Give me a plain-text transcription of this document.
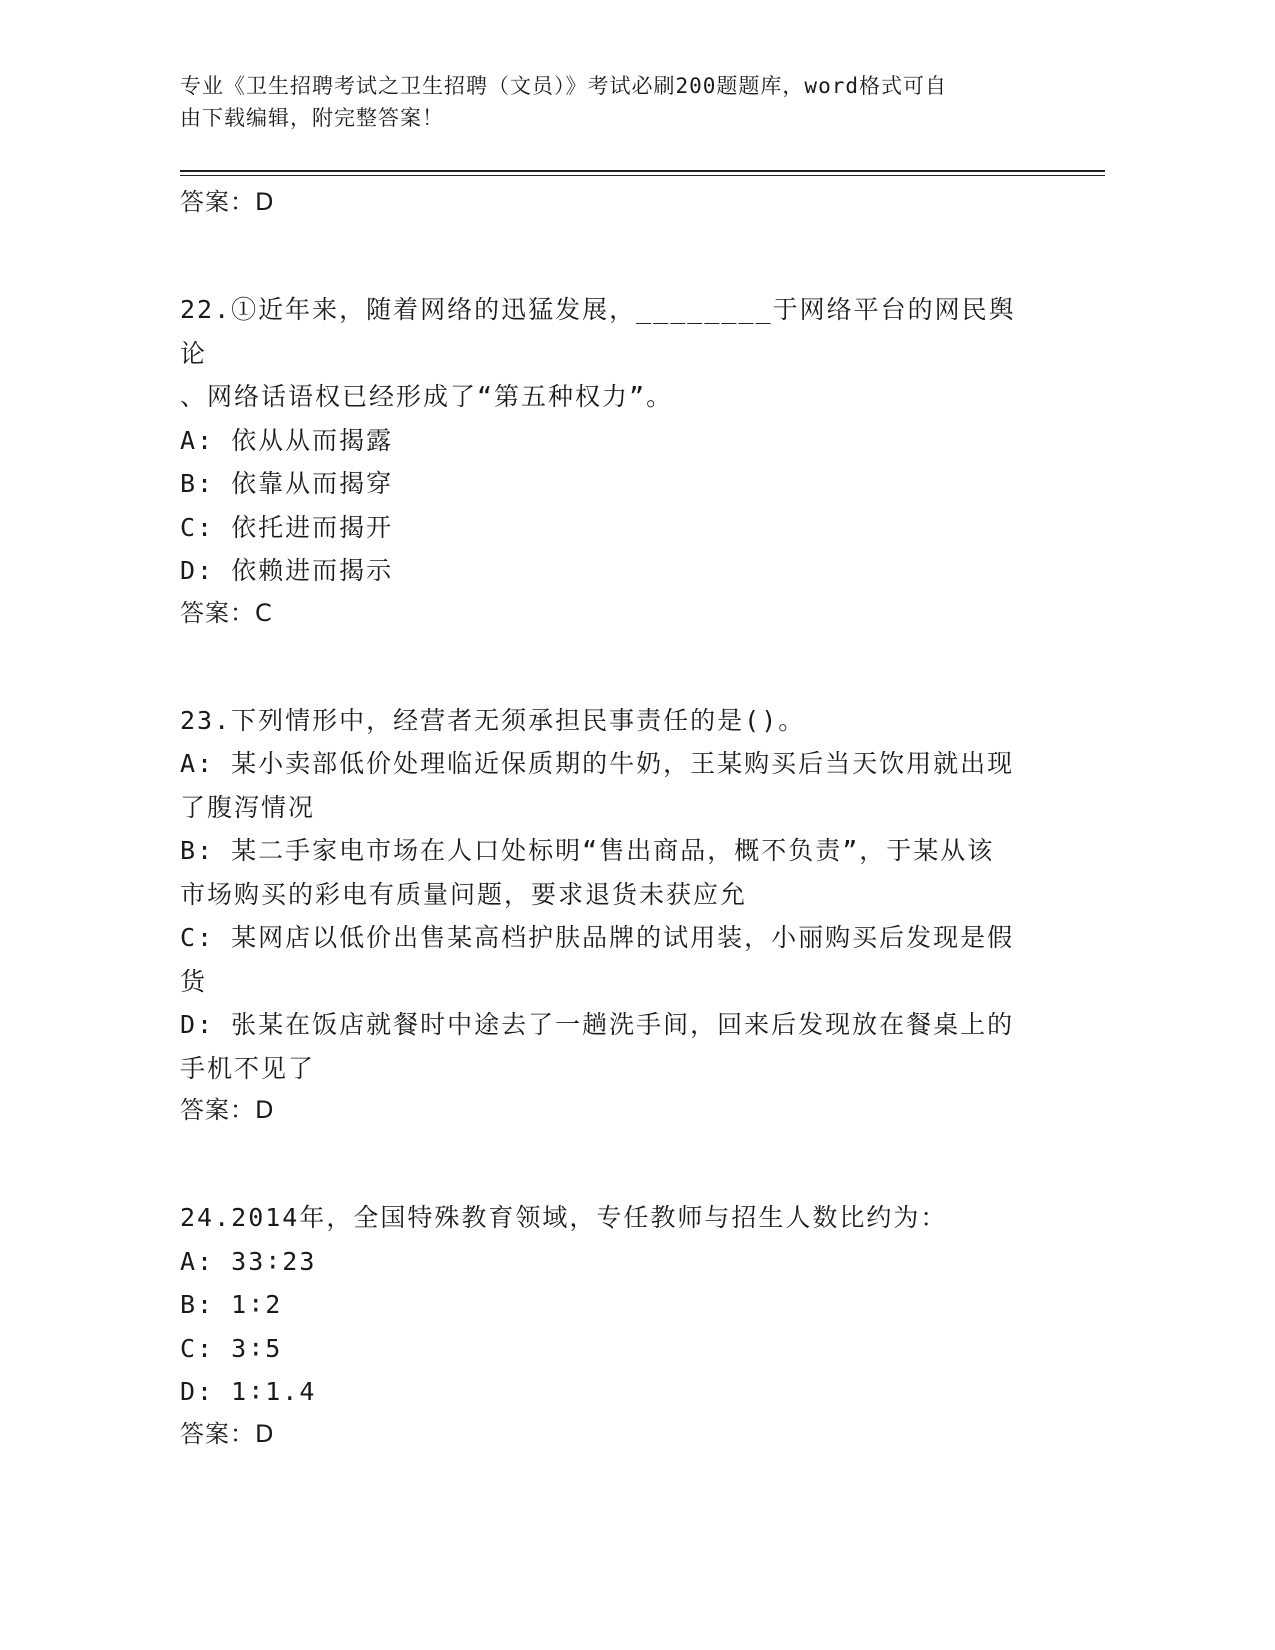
专业《卫生招聘考试之卫生招聘（文员）》考试必刷200题题库，word格式可自
由下载编辑，附完整答案！
答案：D
22.①近年来，随着网络的迅猛发展，________于网络平台的网民舆论
、网络话语权已经形成了“第五种权力”。
A: 依从从而揭露
B: 依靠从而揭穿
C: 依托进而揭开
D: 依赖进而揭示
答案：C
23.下列情形中，经营者无须承担民事责任的是()。
A: 某小卖部低价处理临近保质期的牛奶，王某购买后当天饮用就出现
了腹泻情况
B: 某二手家电市场在人口处标明“售出商品，概不负责”，于某从该
市场购买的彩电有质量问题，要求退货未获应允
C: 某网店以低价出售某高档护肤品牌的试用装，小丽购买后发现是假
货
D: 张某在饭店就餐时中途去了一趟洗手间，回来后发现放在餐桌上的
手机不见了
答案：D
24.2014年，全国特殊教育领域，专任教师与招生人数比约为：
A: 33∶23
B: 1∶2
C: 3∶5
D: 1∶1.4
答案：D
